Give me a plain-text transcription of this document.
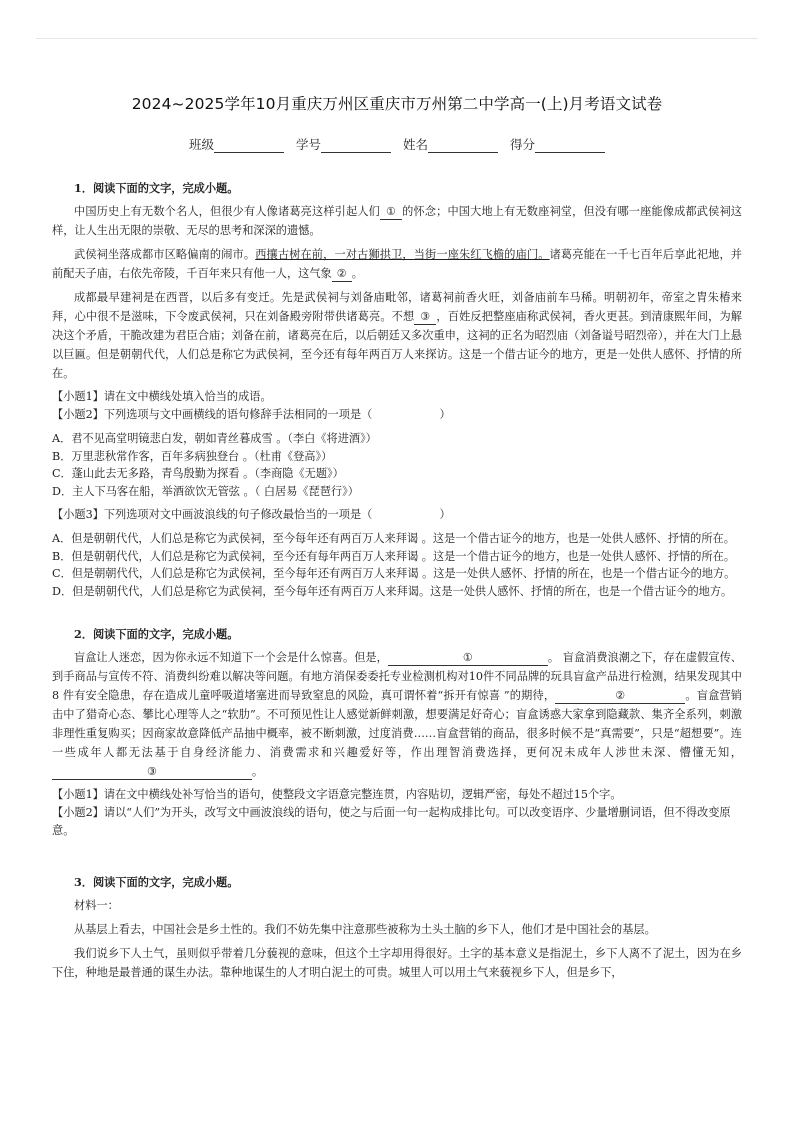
2024~2025学年10月重庆万州区重庆市万州第二中学高一(上)月考语文试卷
班级	学号	姓名	得分
1．阅读下面的文字，完成小题。

中国历史上有无数个名人，但很少有人像诸葛亮这样引起人们 ① 的怀念；中国大地上有无数座祠堂，但没有哪一座能像成都武侯祠这样，让人生出无限的崇敬、无尽的思考和深深的遗憾。

武侯祠坐落成都市区略偏南的闹市。西攘古树在前，一对古狮拱卫，当街一座朱红飞檐的庙门。诸葛亮能在一千七百年后享此祀地，并前配天子庙，右依先帝陵，千百年来只有他一人，这气象 ② 。

成都最早建祠是在西晋，以后多有变迁。先是武侯祠与刘备庙毗邻，诸葛祠前香火旺，刘备庙前车马稀。明朝初年，帝室之胄朱椿来拜，心中很不是滋味，下令废武侯祠，只在刘备殿旁附带供诸葛亮。不想 ③ ，百姓反把整座庙称武侯祠，香火更甚。到清康熙年间，为解决这个矛盾，干脆改建为君臣合庙；刘备在前，诸葛亮在后，以后朝廷又多次重申，这祠的正名为昭烈庙（刘备谥号昭烈帝），并在大门上悬以巨匾。但是朝朝代代，人们总是称它为武侯祠，至今还有每年两百万人来探访。这是一个借古证今的地方，更是一处供人感怀、抒情的所在。

【小题1】请在文中横线处填入恰当的成语。
【小题2】下列选项与文中画横线的语句修辞手法相同的一项是（　　　　　　）
A．君不见高堂明镜悲白发，朝如青丝暮成雪 。（李白《将进酒》）
B．万里悲秋常作客，百年多病独登台 。（杜甫《登高》）
C．蓬山此去无多路，青鸟殷勤为探看 。（李商隐《无题》）
D．主人下马客在船，举酒欲饮无管弦 。（ 白居易《琵琶行》）
【小题3】下列选项对文中画波浪线的句子修改最恰当的一项是（　　　　　　）
A．但是朝朝代代，人们总是称它为武侯祠，至今每年还有两百万人来拜谒 。这是一个借古证今的地方，也是一处供人感怀、抒情的所在。
B．但是朝朝代代，人们总是称它为武侯祠，至今还有每年两百万人来拜谒 。这是一个借古证今的地方，也是一处供人感怀、抒情的所在。
C．但是朝朝代代，人们总是称它为武侯祠，至今每年还有两百万人来拜谒 。这是一处供人感怀、抒情的所在，也是一个借古证今的地方。
D．但是朝朝代代，人们总是称它为武侯祠，至今每年还有两百万人来拜谒。这是一处供人感怀、抒情的所在，也是一个借古证今的地方。
2．阅读下面的文字，完成小题。

盲盒让人迷恋，因为你永远不知道下一个会是什么惊喜。但是，	①	。 盲盒消费浪潮之下，存在虚假宣传、到手商品与宣传不符、消费纠纷难以解决等问题。有地方消保委委托专业检测机构对10件不同品牌的玩具盲盒产品进行检测，结果发现其中8 件有安全隐患，存在造成儿童呼吸道堵塞进而导致窒息的风险，真可谓怀着“拆开有惊喜 ”的期待，	②	。盲盒营销击中了猎奇心态、攀比心理等人之“软肋”。不可预见性让人感觉新鲜刺激，想要满足好奇心；盲盒诱惑大家拿到隐藏款、集齐全系列，刺激非理性重复购买；因商家故意降低产品抽中概率，被不断刺激，过度消费……盲盒营销的商品，很多时候不是“真需要”，只是“超想要”。连一些成年人都无法基于自身经济能力、消费需求和兴趣爱好等，作出理智消费选择，更何况未成年人涉世未深、懵懂无知，③	。

【小题1】请在文中横线处补写恰当的语句，使整段文字语意完整连贯，内容贴切，逻辑严密，每处不超过15个字。
【小题2】请以“人们”为开头，改写文中画波浪线的语句，使之与后面一句一起构成排比句。可以改变语序、少量增删词语，但不得改变原意。
3．阅读下面的文字，完成小题。

材料一：

从基层上看去，中国社会是乡土性的。我们不妨先集中注意那些被称为土头土脑的乡下人，他们才是中国社会的基层。

我们说乡下人土气，虽则似乎带着几分藐视的意味，但这个土字却用得很好。土字的基本意义是指泥土，乡下人离不了泥土，因为在乡下住，种地是最普通的谋生办法。靠种地谋生的人才明白泥土的可贵。城里人可以用土气来藐视乡下人，但是乡下，
